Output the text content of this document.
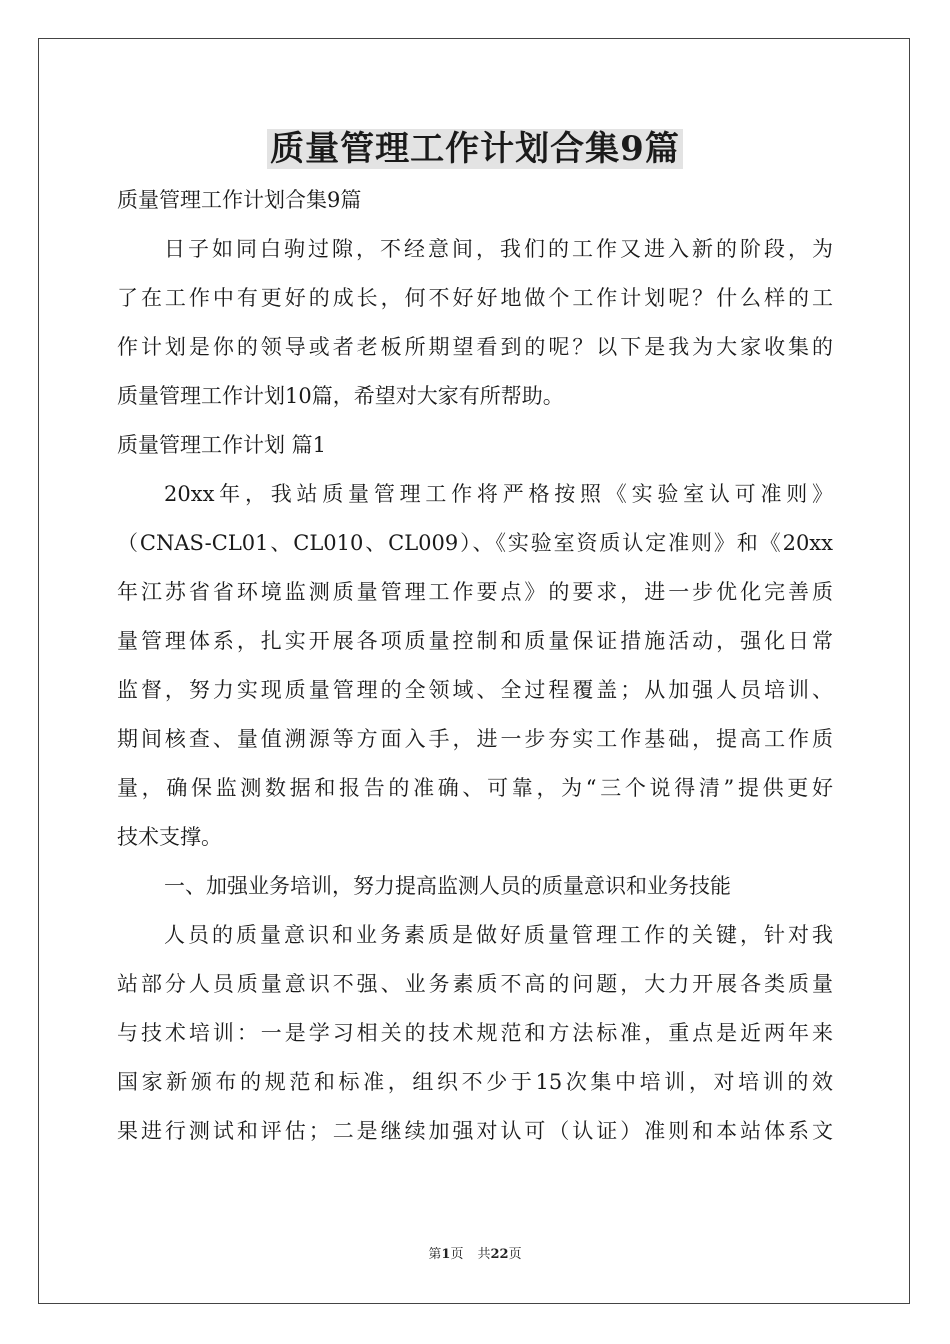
质量管理工作计划合集9篇
质量管理工作计划合集9篇
日子如同白驹过隙，不经意间，我们的工作又进入新的阶段，为
了在工作中有更好的成长，何不好好地做个工作计划呢？什么样的工
作计划是你的领导或者老板所期望看到的呢？以下是我为大家收集的
质量管理工作计划10篇，希望对大家有所帮助。
质量管理工作计划 篇1
20xx年，我站质量管理工作将严格按照《实验室认可准则》
（CNAS-CL01、CL010、CL009）、《实验室资质认定准则》和《20xx
年江苏省省环境监测质量管理工作要点》的要求，进一步优化完善质
量管理体系，扎实开展各项质量控制和质量保证措施活动，强化日常
监督，努力实现质量管理的全领域、全过程覆盖；从加强人员培训、
期间核查、量值溯源等方面入手，进一步夯实工作基础，提高工作质
量，确保监测数据和报告的准确、可靠，为“三个说得清”提供更好
技术支撑。
一、加强业务培训，努力提高监测人员的质量意识和业务技能
人员的质量意识和业务素质是做好质量管理工作的关键，针对我
站部分人员质量意识不强、业务素质不高的问题，大力开展各类质量
与技术培训：一是学习相关的技术规范和方法标准，重点是近两年来
国家新颁布的规范和标准，组织不少于15次集中培训，对培训的效
果进行测试和评估；二是继续加强对认可（认证）准则和本站体系文
第1页 共22页
